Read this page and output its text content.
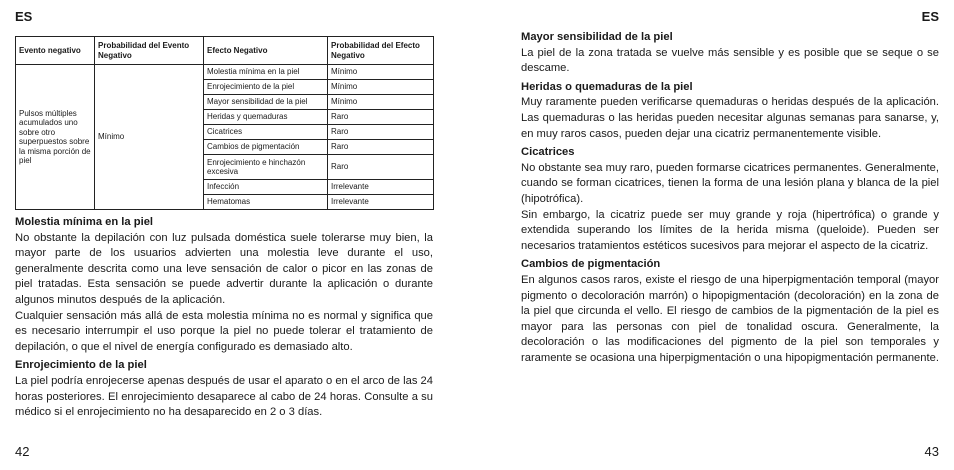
ES
Evento negativo	Probabilidad del Evento Negativo	Efecto Negativo	Probabilidad del Efecto Negativo
Pulsos múltiples acumulados uno sobre otro superpuestos sobre la misma porción de piel	Mínimo	Molestia mínima en la piel	Mínimo
		Enrojecimiento de la piel	Mínimo
		Mayor sensibilidad de la piel	Mínimo
		Heridas y quemaduras	Raro
		Cicatrices	Raro
		Cambios de pigmentación	Raro
		Enrojecimiento e hinchazón excesiva	Raro
		Infección	Irrelevante
		Hematomas	Irrelevante
Molestia mínima en la piel

No obstante la depilación con luz pulsada doméstica suele tolerarse muy bien, la mayor parte de los usuarios advierten una molestia leve durante el uso, generalmente descrita como una leve sensación de calor o picor en las zonas de piel tratadas. Esta sensación se puede advertir durante la aplicación o durante algunos minutos después de la aplicación.

Cualquier sensación más allá de esta molestia mínima no es normal y significa que es necesario interrumpir el uso porque la piel no puede tolerar el tratamiento de depilación, o que el nivel de energía configurado es demasiado alto.

Enrojecimiento de la piel

La piel podría enrojecerse apenas después de usar el aparato o en el arco de las 24 horas posteriores. El enrojecimiento desaparece al cabo de 24 horas. Consulte a su médico si el enrojecimiento no ha desaparecido en 2 o 3 días.

42
ES
Mayor sensibilidad de la piel

La piel de la zona tratada se vuelve más sensible y es posible que se seque o se descame.

Heridas o quemaduras de la piel

Muy raramente pueden verificarse quemaduras o heridas después de la aplicación. Las quemaduras o las heridas pueden necesitar algunas semanas para sanarse, y, en muy raros casos, pueden dejar una cicatriz permanentemente visible.

Cicatrices

No obstante sea muy raro, pueden formarse cicatrices permanentes. Generalmente, cuando se forman cicatrices, tienen la forma de una lesión plana y blanca de la piel (hipotrófica).

Sin embargo, la cicatriz puede ser muy grande y roja (hipertrófica) o grande y extendida superando los límites de la herida misma (queloide). Pueden ser necesarios tratamientos estéticos sucesivos para mejorar el aspecto de la cicatriz.

Cambios de pigmentación

En algunos casos raros, existe el riesgo de una hiperpigmentación temporal (mayor pigmento o decoloración marrón) o hipopigmentación (decoloración) en la zona de la piel que circunda el vello. El riesgo de cambios de la pigmentación de la piel es mayor para las personas con piel de tonalidad oscura. Generalmente, la decoloración o las modificaciones del pigmento de la piel son temporales y raramente se ocasiona una hiperpigmentación o una hipopigmentación permanente.

43
